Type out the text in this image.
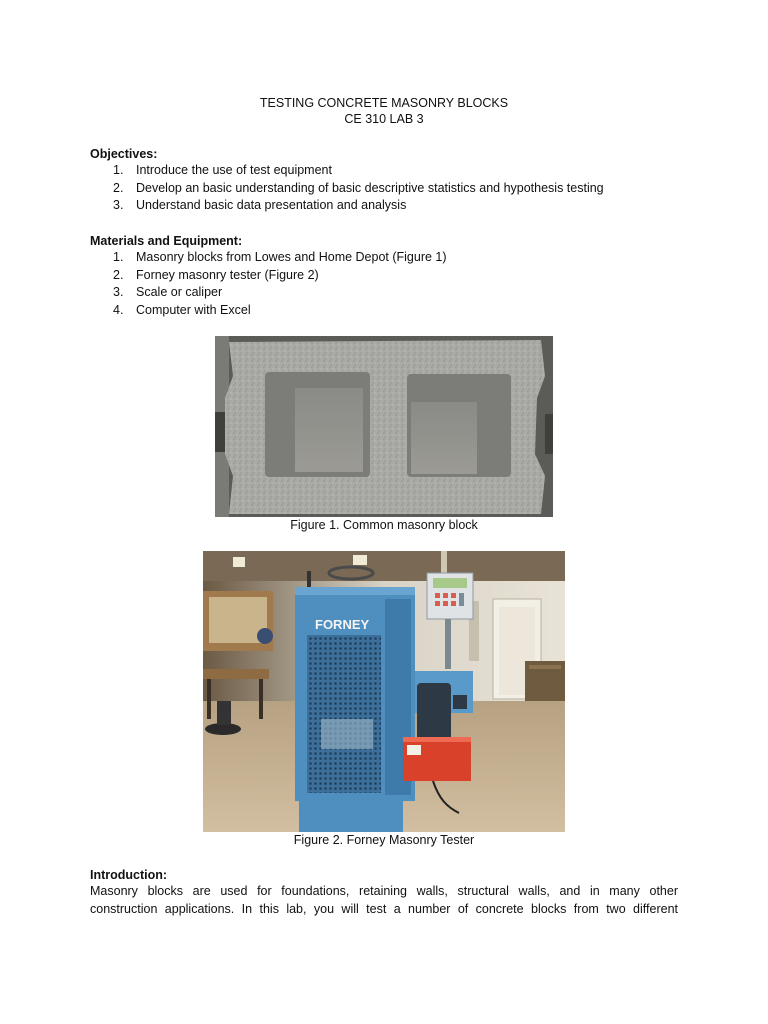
TESTING CONCRETE MASONRY BLOCKS
CE 310 LAB 3
Objectives:
1. Introduce the use of test equipment
2. Develop an basic understanding of basic descriptive statistics and hypothesis testing
3. Understand basic data presentation and analysis
Materials and Equipment:
1. Masonry blocks from Lowes and Home Depot (Figure 1)
2. Forney masonry tester (Figure 2)
3. Scale or caliper
4. Computer with Excel
Figure 1. Common masonry block
FORNEY
Figure 2. Forney Masonry Tester
Introduction:

Masonry blocks are used for foundations, retaining walls, structural walls, and in many other

construction applications. In this lab, you will test a number of concrete blocks from two different
